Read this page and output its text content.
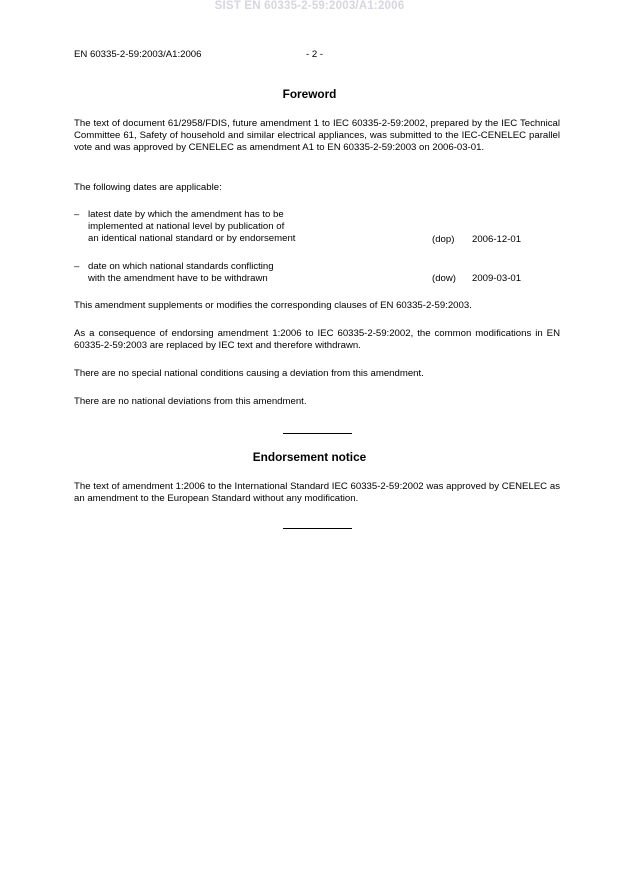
SIST EN 60335-2-59:2003/A1:2006
EN 60335-2-59:2003/A1:2006	- 2 -
Foreword

The text of document 61/2958/FDIS, future amendment 1 to IEC 60335-2-59:2002, prepared by the IEC Technical Committee 61, Safety of household and similar electrical appliances, was submitted to the IEC-CENELEC parallel vote and was approved by CENELEC as amendment A1 to EN 60335-2-59:2003 on 2006-03-01.

The following dates are applicable:

– latest date by which the amendment has to be
implemented at national level by publication of
an identical national standard or by endorsement	(dop) 2006-12-01
– date on which national standards conflicting
with the amendment have to be withdrawn	(dow) 2009-03-01

This amendment supplements or modifies the corresponding clauses of EN 60335-2-59:2003.

As a consequence of endorsing amendment 1:2006 to IEC 60335-2-59:2002, the common modifications in EN 60335-2-59:2003 are replaced by IEC text and therefore withdrawn.

There are no special national conditions causing a deviation from this amendment.

There are no national deviations from this amendment.

Endorsement notice

The text of amendment 1:2006 to the International Standard IEC 60335-2-59:2002 was approved by CENELEC as an amendment to the European Standard without any modification.
